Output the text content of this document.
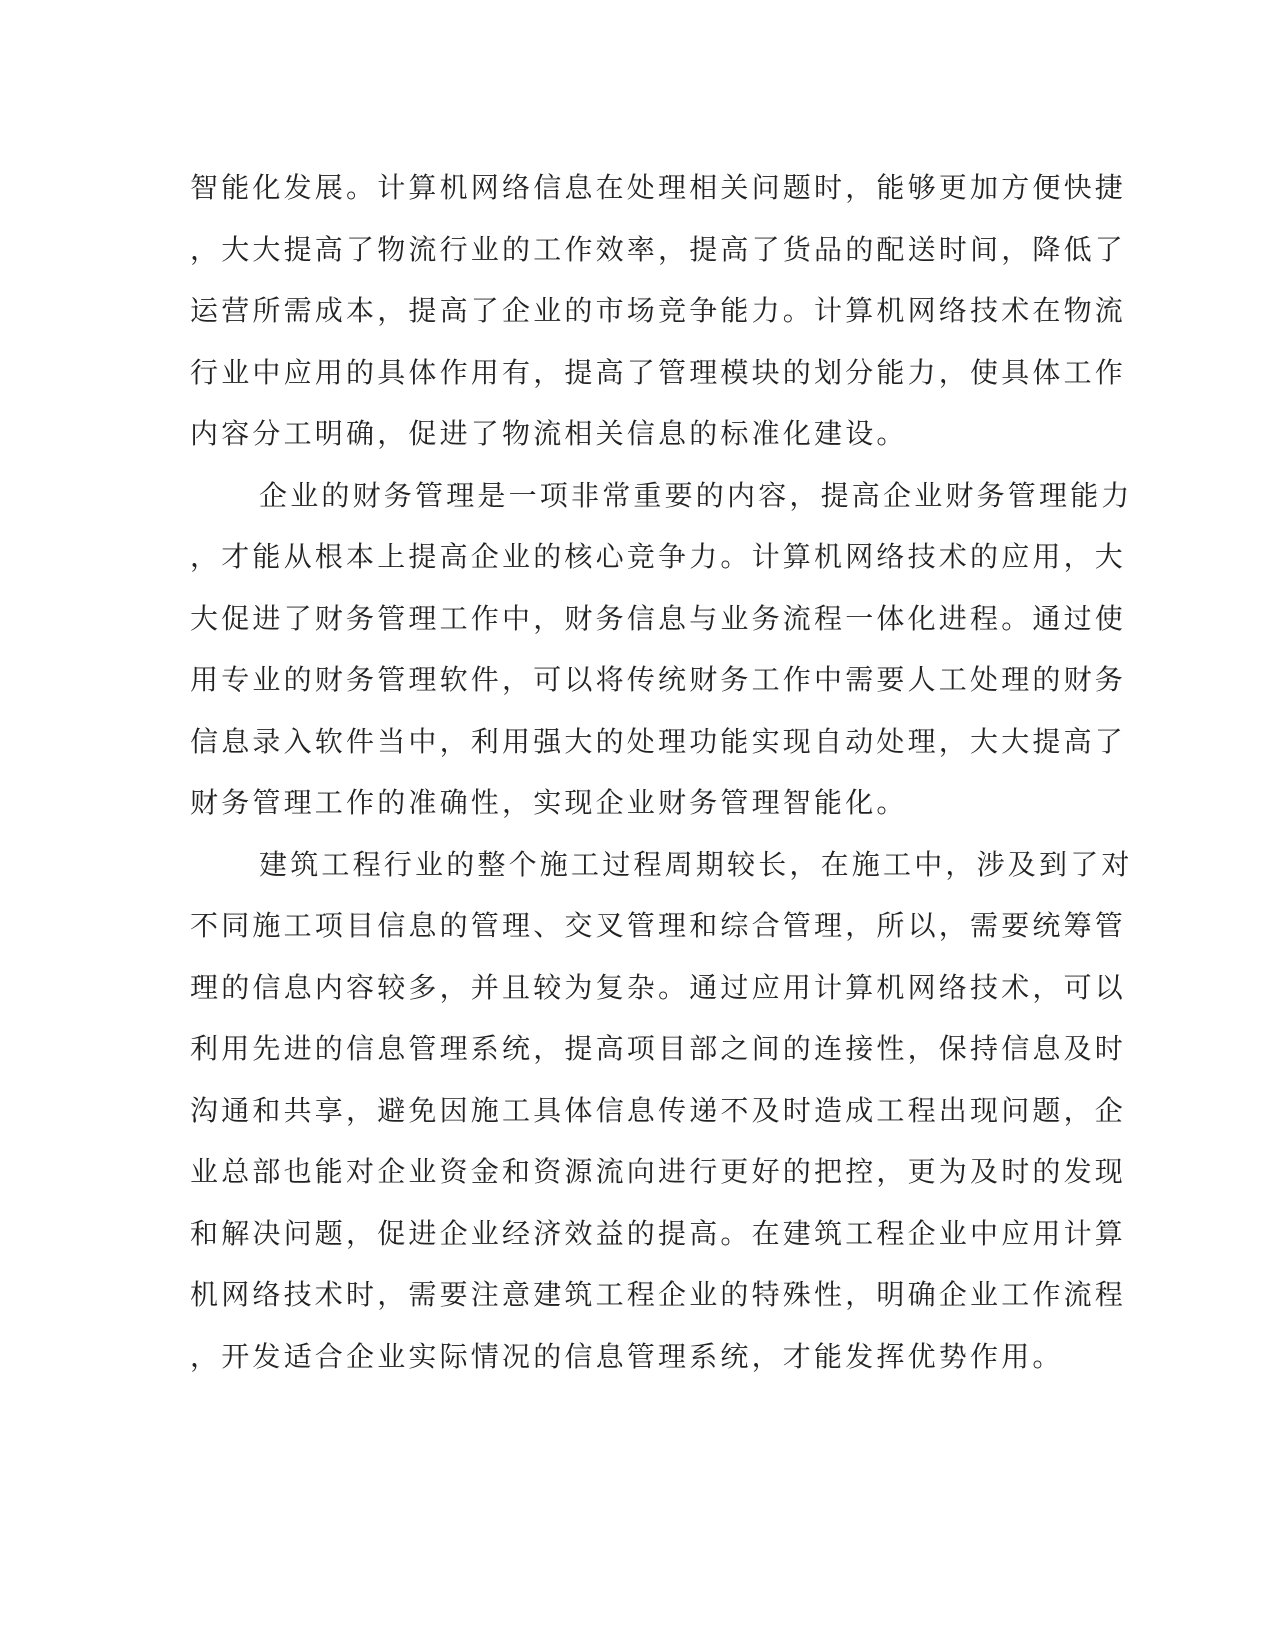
智能化发展。计算机网络信息在处理相关问题时，能够更加方便快捷
，大大提高了物流行业的工作效率，提高了货品的配送时间，降低了
运营所需成本，提高了企业的市场竞争能力。计算机网络技术在物流
行业中应用的具体作用有，提高了管理模块的划分能力，使具体工作
内容分工明确，促进了物流相关信息的标准化建设。
企业的财务管理是一项非常重要的内容，提高企业财务管理能力
，才能从根本上提高企业的核心竞争力。计算机网络技术的应用，大
大促进了财务管理工作中，财务信息与业务流程一体化进程。通过使
用专业的财务管理软件，可以将传统财务工作中需要人工处理的财务
信息录入软件当中，利用强大的处理功能实现自动处理，大大提高了
财务管理工作的准确性，实现企业财务管理智能化。
建筑工程行业的整个施工过程周期较长，在施工中，涉及到了对
不同施工项目信息的管理、交叉管理和综合管理，所以，需要统筹管
理的信息内容较多，并且较为复杂。通过应用计算机网络技术，可以
利用先进的信息管理系统，提高项目部之间的连接性，保持信息及时
沟通和共享，避免因施工具体信息传递不及时造成工程出现问题，企
业总部也能对企业资金和资源流向进行更好的把控，更为及时的发现
和解决问题，促进企业经济效益的提高。在建筑工程企业中应用计算
机网络技术时，需要注意建筑工程企业的特殊性，明确企业工作流程
，开发适合企业实际情况的信息管理系统，才能发挥优势作用。
